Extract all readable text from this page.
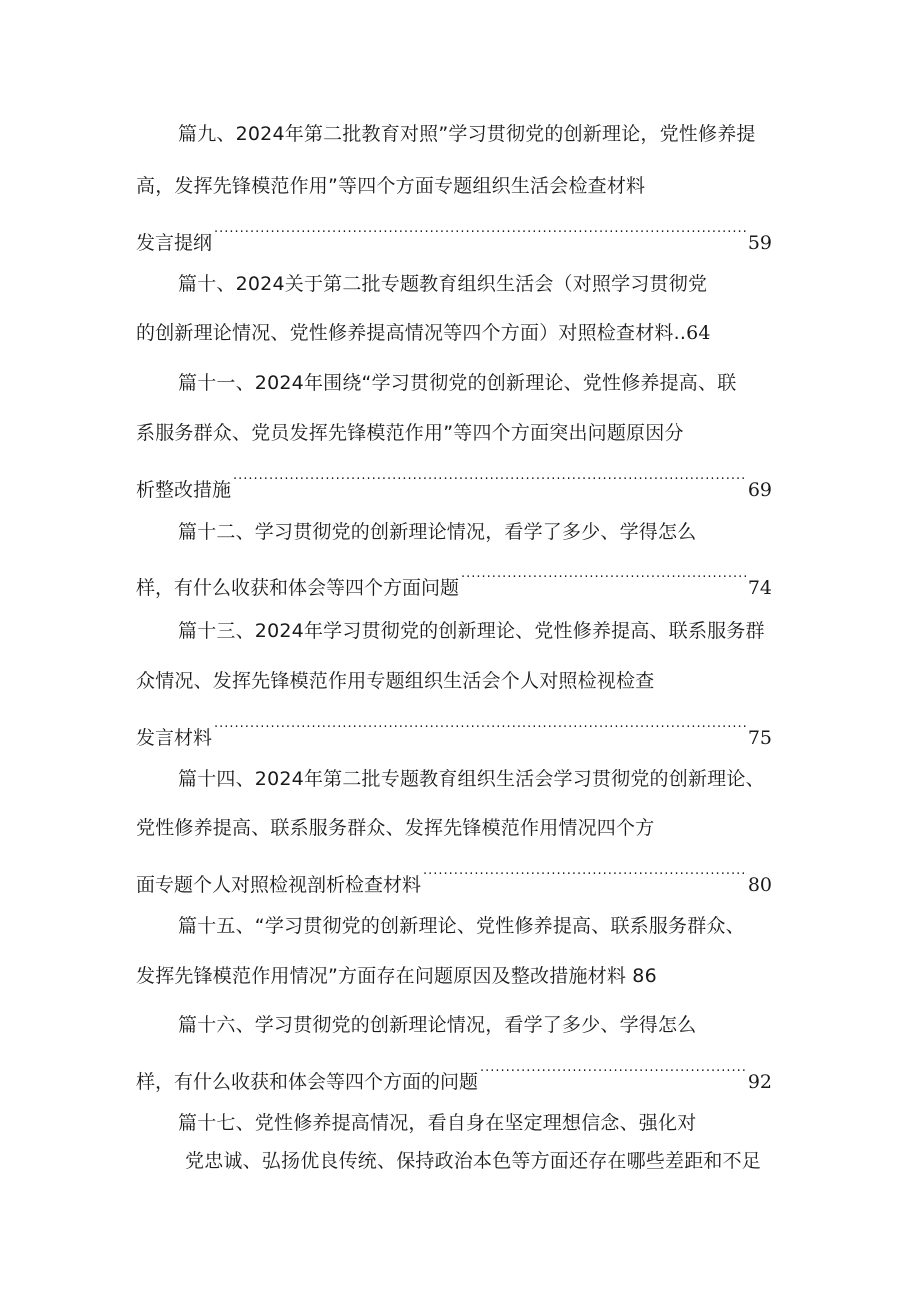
篇九、2024年第二批教育对照”学习贯彻党的创新理论，党性修养提
高，发挥先锋模范作用”等四个方面专题组织生活会检查材料
发言提纲 .....	59
篇十、2024关于第二批专题教育组织生活会（对照学习贯彻党
的创新理论情况、党性修养提高情况等四个方面）对照检查材料..64
篇十一、2024年围绕“学习贯彻党的创新理论、党性修养提高、联
系服务群众、党员发挥先锋模范作用”等四个方面突出问题原因分
析整改措施 .....	69
篇十二、学习贯彻党的创新理论情况，看学了多少、学得怎么
样，有什么收获和体会等四个方面问题 .....	74
篇十三、2024年学习贯彻党的创新理论、党性修养提高、联系服务群
众情况、发挥先锋模范作用专题组织生活会个人对照检视检查
发言材料 .....	75
篇十四、2024年第二批专题教育组织生活会学习贯彻党的创新理论、
党性修养提高、联系服务群众、发挥先锋模范作用情况四个方
面专题个人对照检视剖析检查材料 .....	80
篇十五、“学习贯彻党的创新理论、党性修养提高、联系服务群众、
发挥先锋模范作用情况”方面存在问题原因及整改措施材料 86
篇十六、学习贯彻党的创新理论情况，看学了多少、学得怎么
样，有什么收获和体会等四个方面的问题 .....	92
篇十七、党性修养提高情况，看自身在坚定理想信念、强化对
党忠诚、弘扬优良传统、保持政治本色等方面还存在哪些差距和不足
